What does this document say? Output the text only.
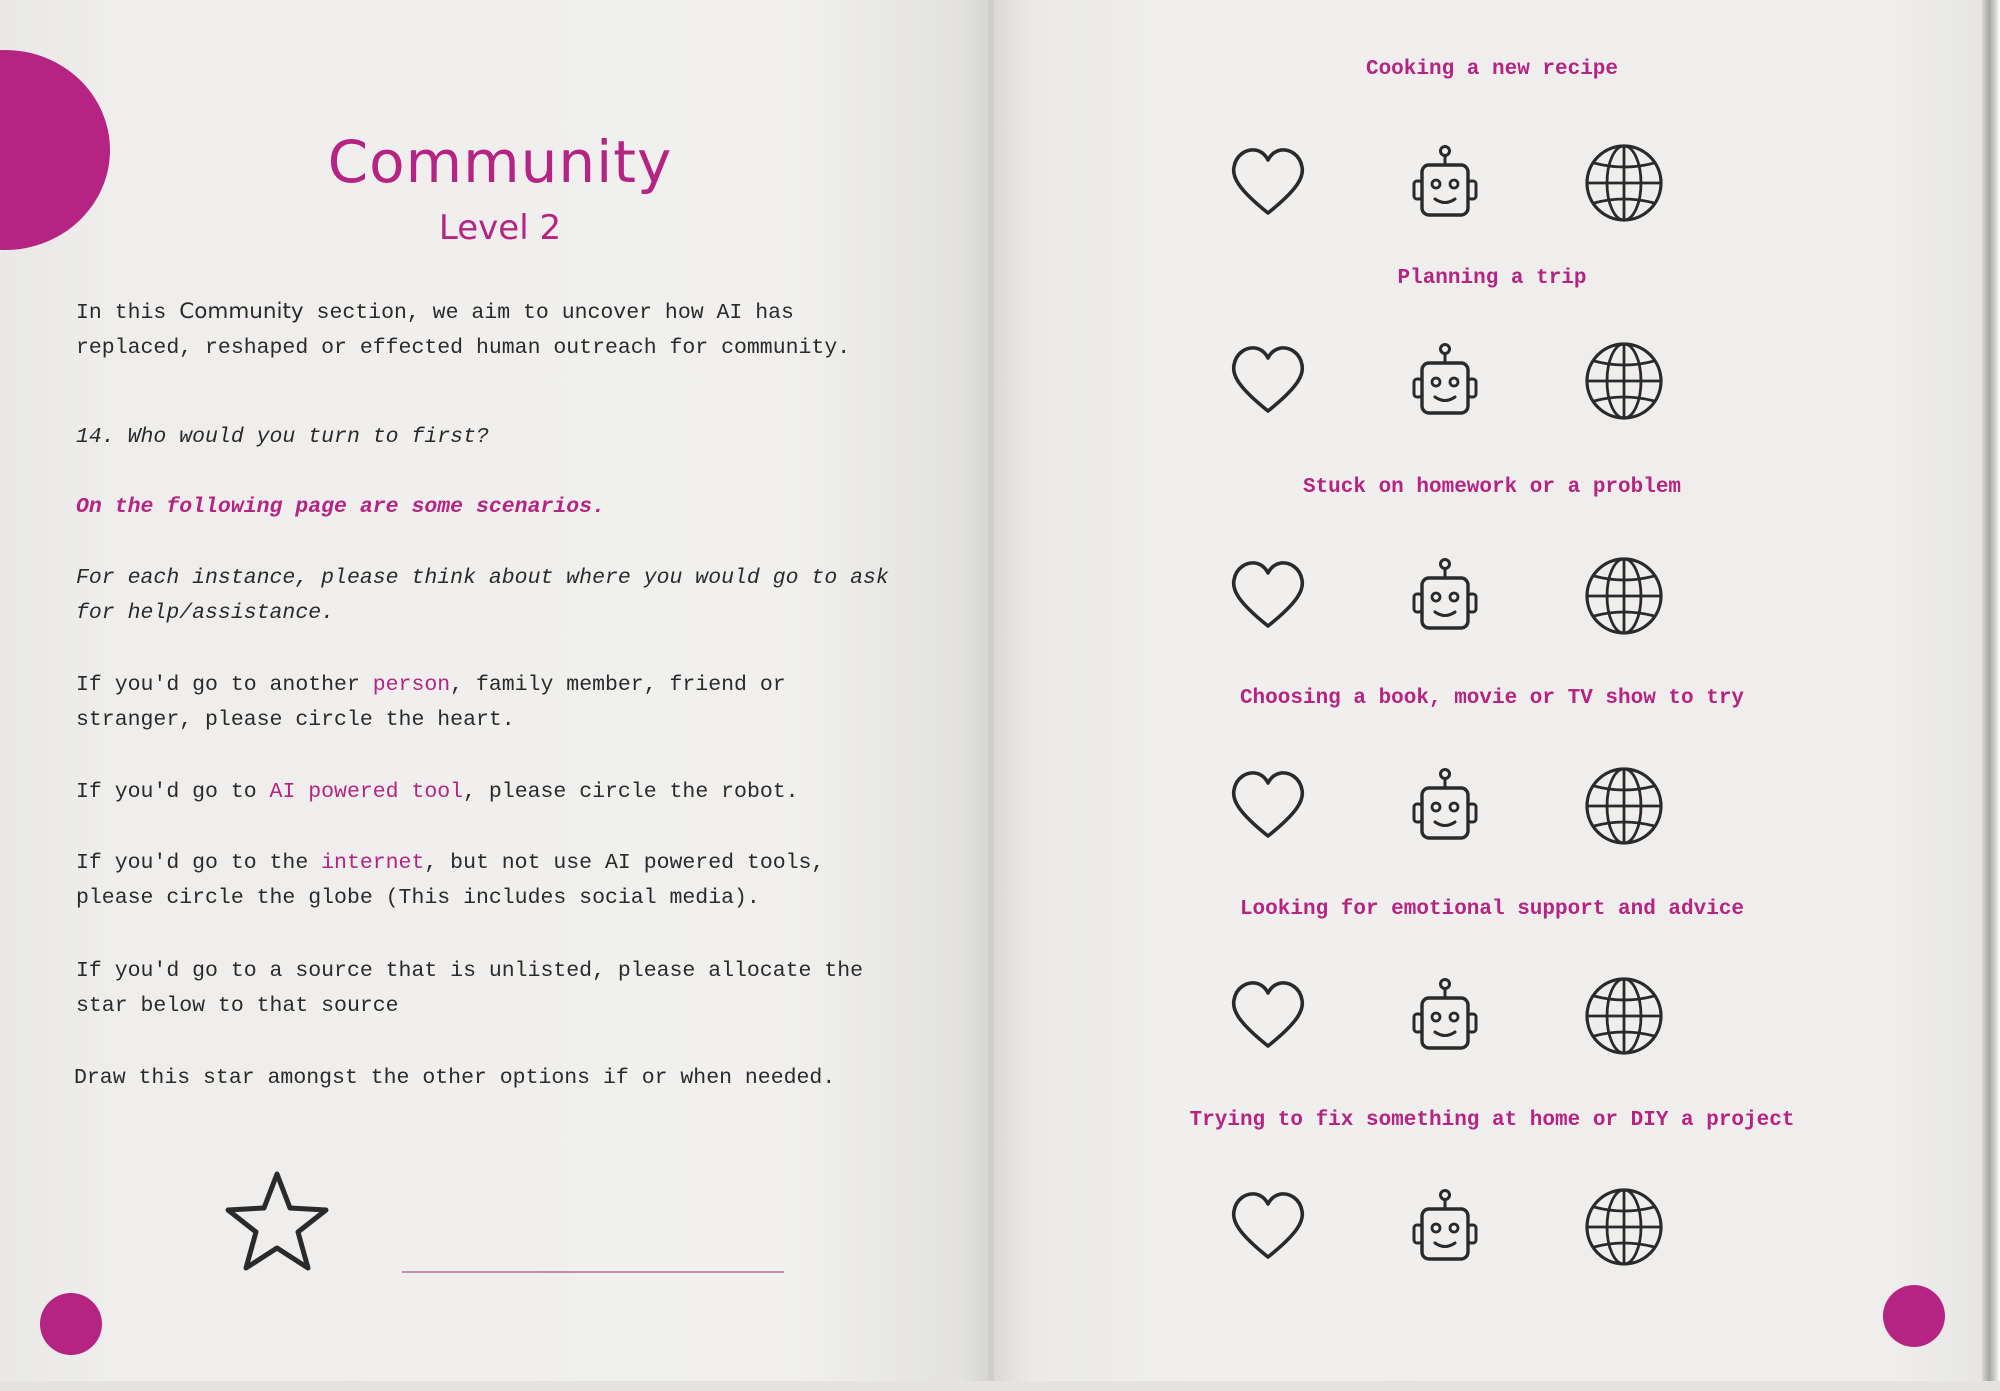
Community
Level 2
In this Community section, we aim to uncover how AI has
replaced, reshaped or effected human outreach for community.
14. Who would you turn to first?
On the following page are some scenarios.
For each instance, please think about where you would go to ask
for help/assistance.
If you'd go to another person, family member, friend or
stranger, please circle the heart.
If you'd go to AI powered tool, please circle the robot.
If you'd go to the internet, but not use AI powered tools,
please circle the globe (This includes social media).
If you'd go to a source that is unlisted, please allocate the
star below to that source
Draw this star amongst the other options if or when needed.
Cooking a new recipe
Planning a trip
Stuck on homework or a problem
Choosing a book, movie or TV show to try
Looking for emotional support and advice
Trying to fix something at home or DIY a project
